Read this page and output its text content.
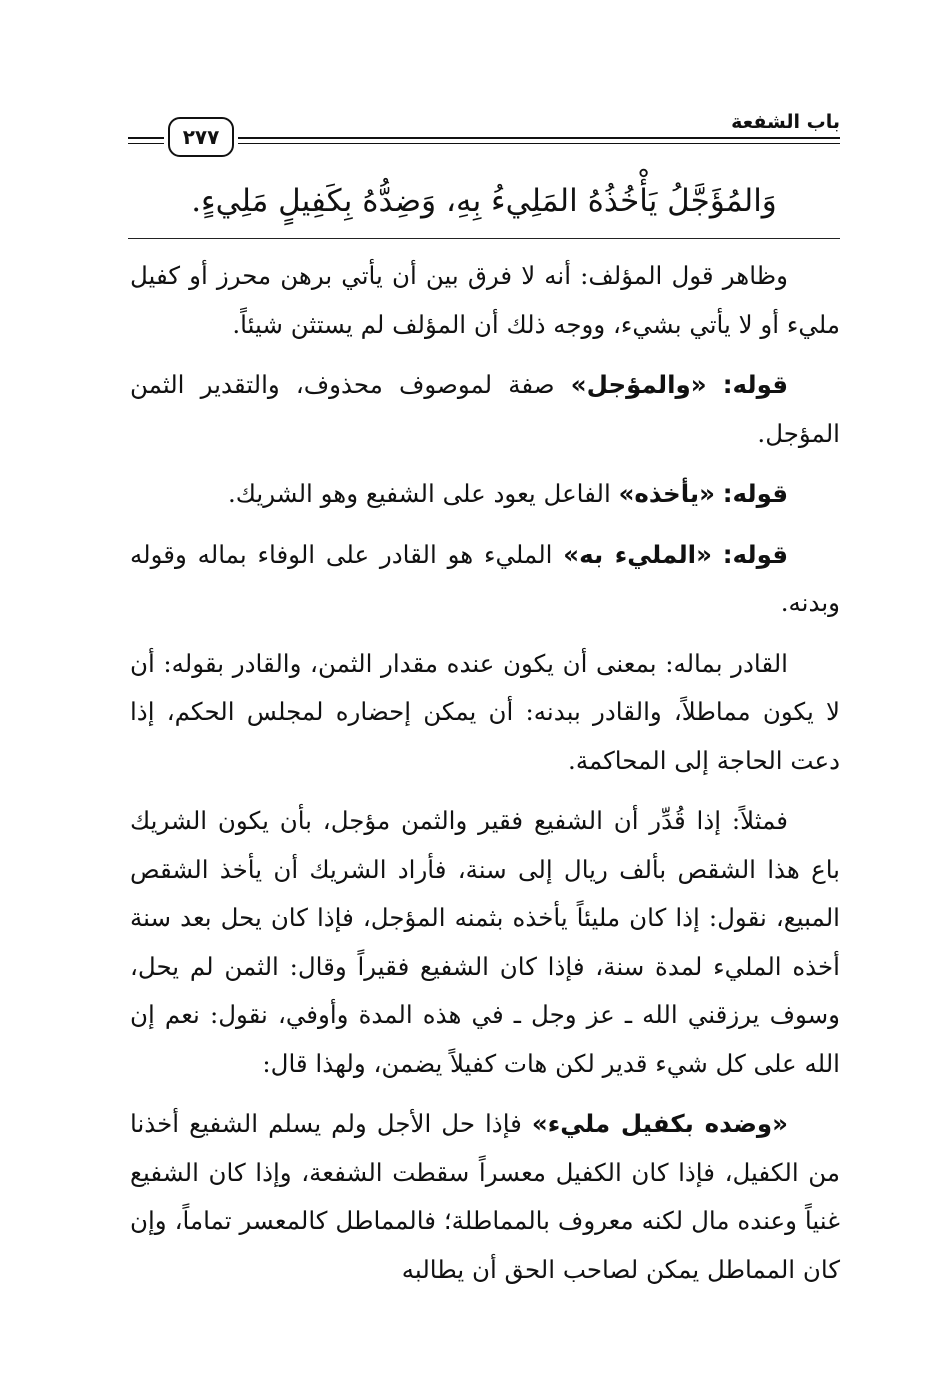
باب الشفعة
٢٧٧
وَالمُؤَجَّلُ يَأْخُذُهُ المَلِيءُ بِهِ، وَضِدُّهُ بِكَفِيلٍ مَلِيءٍ.

وظاهر قول المؤلف: أنه لا فرق بين أن يأتي برهن محرز أو كفيل مليء أو لا يأتي بشيء، ووجه ذلك أن المؤلف لم يستثن شيئاً.

قوله: «والمؤجل» صفة لموصوف محذوف، والتقدير الثمن المؤجل.

قوله: «يأخذه» الفاعل يعود على الشفيع وهو الشريك.

قوله: «المليء به» المليء هو القادر على الوفاء بماله وقوله وبدنه.

القادر بماله: بمعنى أن يكون عنده مقدار الثمن، والقادر بقوله: أن لا يكون مماطلاً، والقادر ببدنه: أن يمكن إحضاره لمجلس الحكم، إذا دعت الحاجة إلى المحاكمة.

فمثلاً: إذا قُدِّر أن الشفيع فقير والثمن مؤجل، بأن يكون الشريك باع هذا الشقص بألف ريال إلى سنة، فأراد الشريك أن يأخذ الشقص المبيع، نقول: إذا كان مليئاً يأخذه بثمنه المؤجل، فإذا كان يحل بعد سنة أخذه المليء لمدة سنة، فإذا كان الشفيع فقيراً وقال: الثمن لم يحل، وسوف يرزقني الله ـ عز وجل ـ في هذه المدة وأوفي، نقول: نعم إن الله على كل شيء قدير لكن هات كفيلاً يضمن، ولهذا قال:

«وضده بكفيل مليء» فإذا حل الأجل ولم يسلم الشفيع أخذنا من الكفيل، فإذا كان الكفيل معسراً سقطت الشفعة، وإذا كان الشفيع غنياً وعنده مال لكنه معروف بالمماطلة؛ فالمماطل كالمعسر تماماً، وإن كان المماطل يمكن لصاحب الحق أن يطالبه
